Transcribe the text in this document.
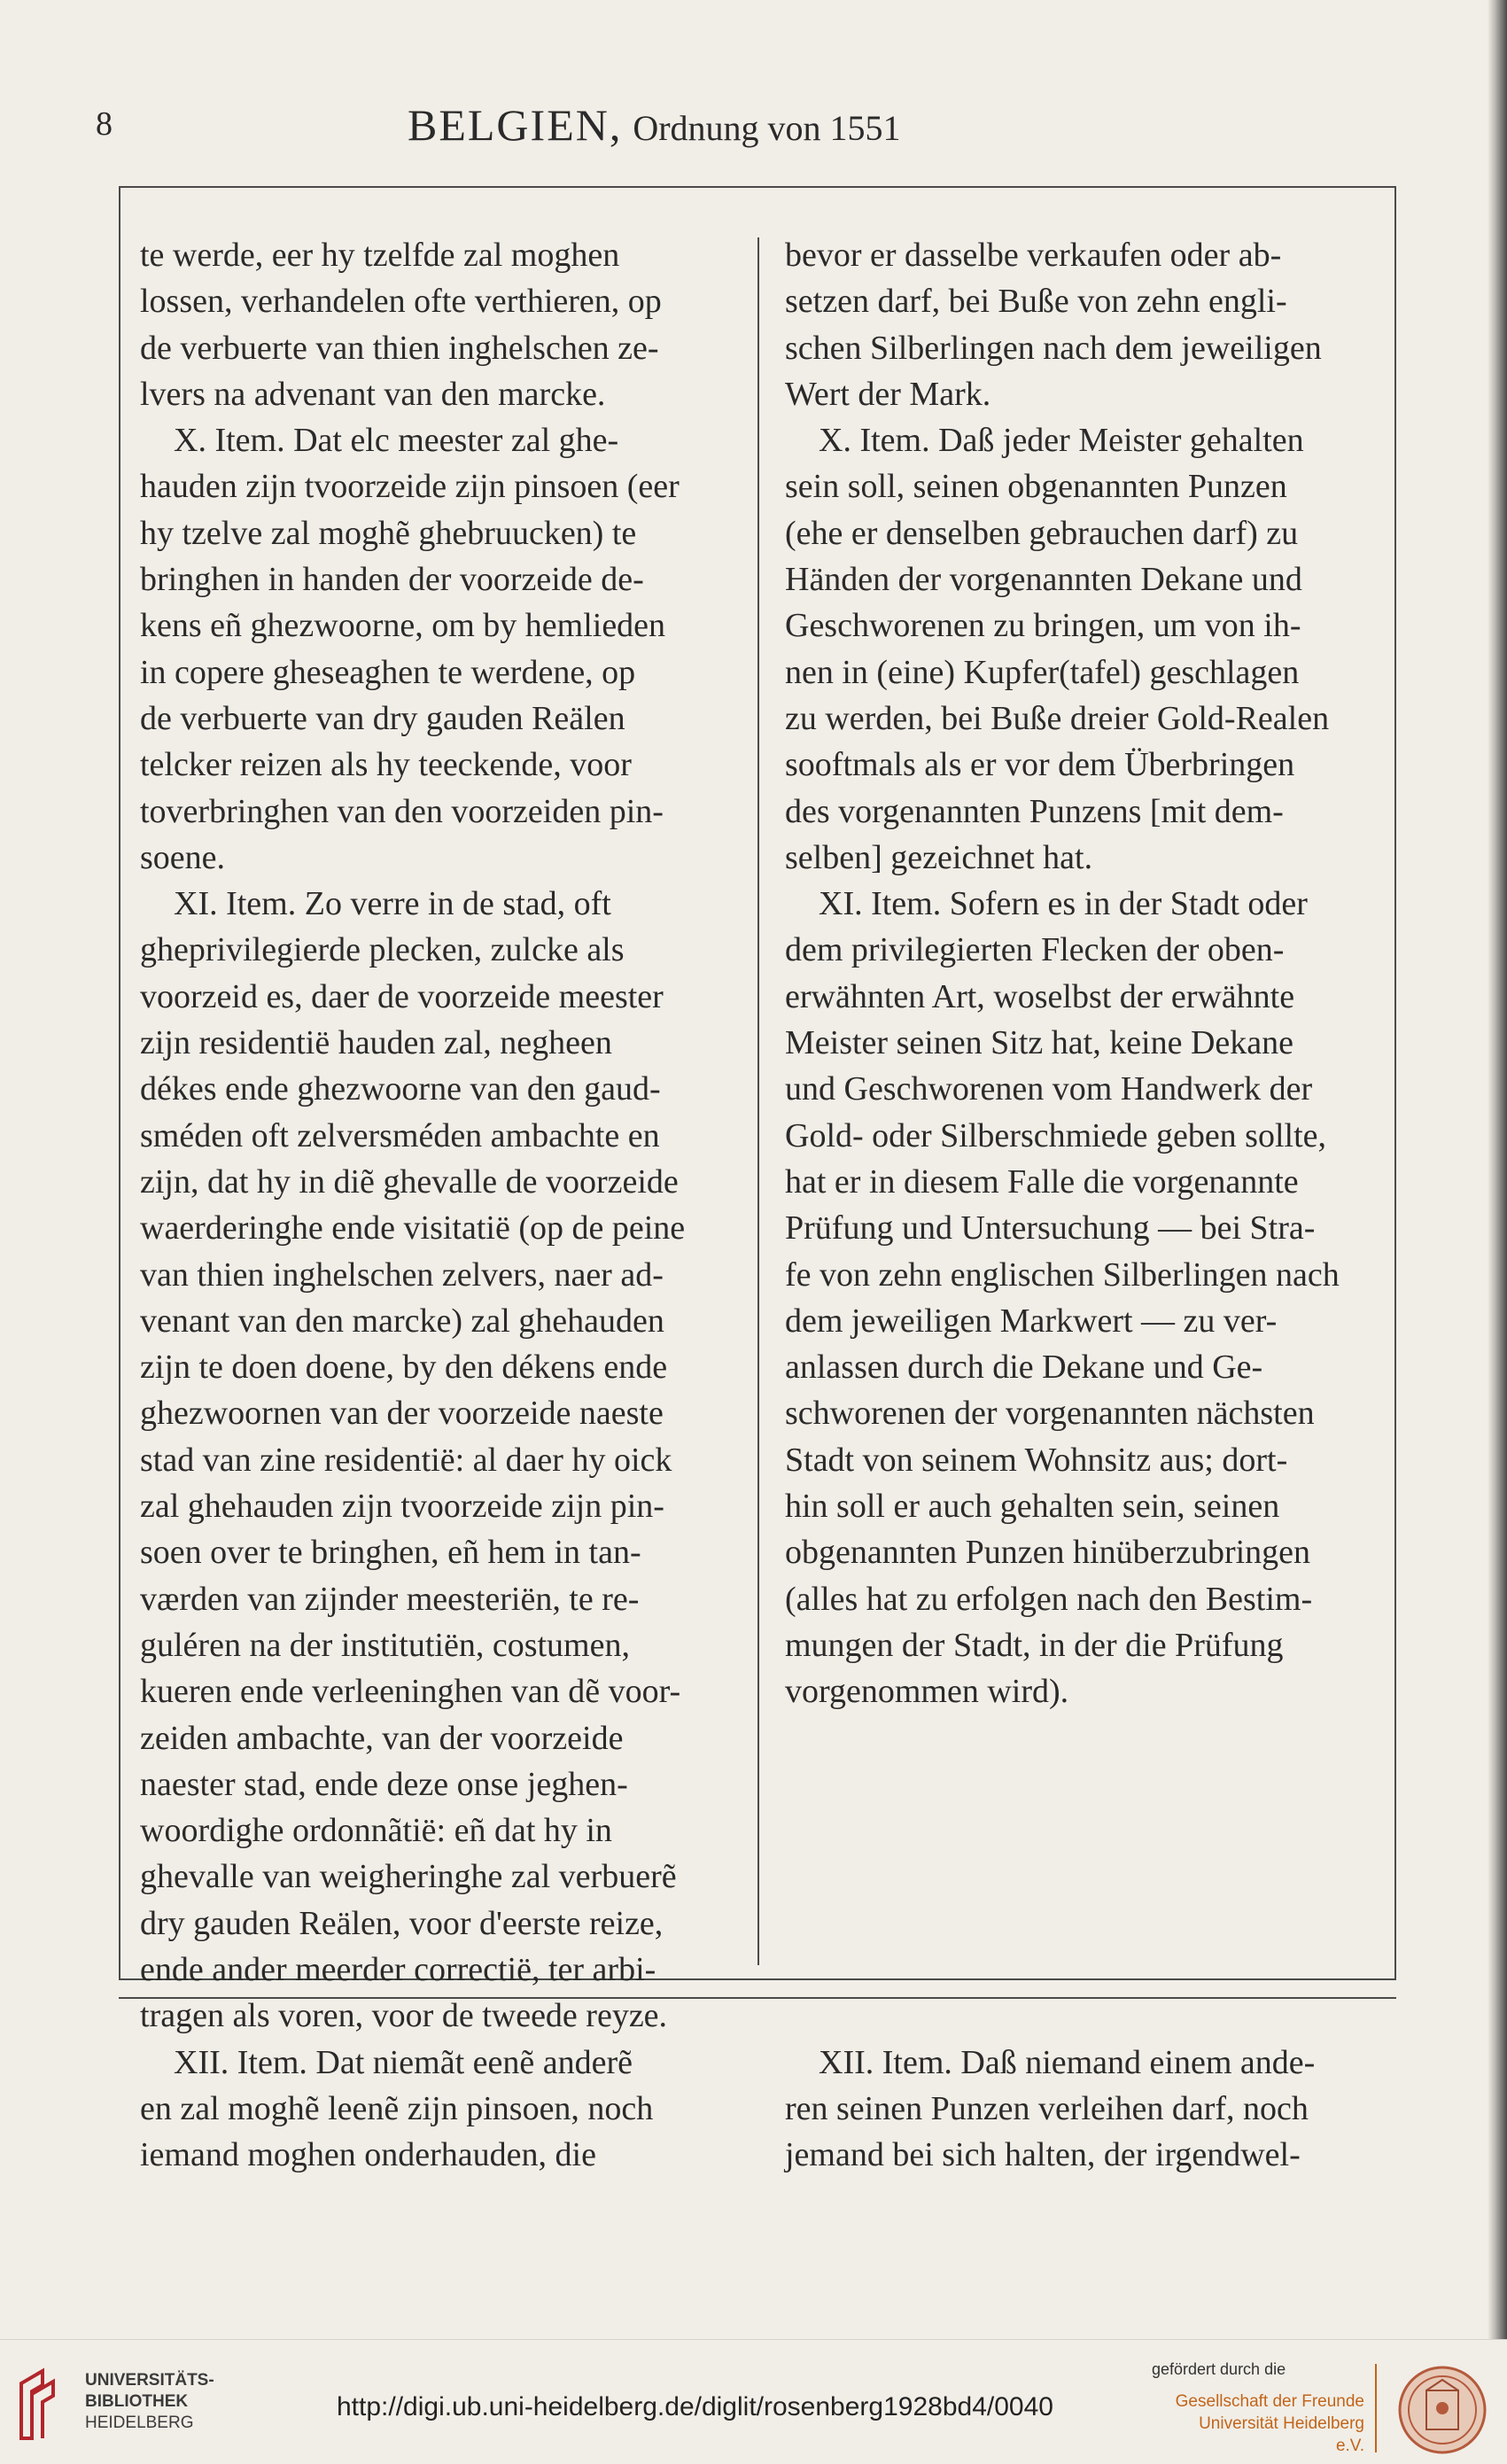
8	BELGIEN, Ordnung von 1551
te werde, eer hy tzelfde zal moghen
lossen, verhandelen ofte verthieren, op
de verbuerte van thien inghelschen ze-
lvers na advenant van den marcke.
X. Item. Dat elc meester zal ghe-
hauden zijn tvoorzeide zijn pinsoen (eer
hy tzelve zal moghẽ ghebruucken) te
bringhen in handen der voorzeide de-
kens eñ ghezwoorne, om by hemlieden
in copere gheseaghen te werdene, op
de verbuerte van dry gauden Reälen
telcker reizen als hy teeckende, voor
toverbringhen van den voorzeiden pin-
soene.
XI. Item. Zo verre in de stad, oft
gheprivilegierde plecken, zulcke als
voorzeid es, daer de voorzeide meester
zijn residentië hauden zal, negheen
dékes ende ghezwoorne van den gaud-
sméden oft zelversméden ambachte en
zijn, dat hy in diẽ ghevalle de voorzeide
waerderinghe ende visitatië (op de peine
van thien inghelschen zelvers, naer ad-
venant van den marcke) zal ghehauden
zijn te doen doene, by den dékens ende
ghezwoornen van der voorzeide naeste
stad van zine residentië: al daer hy oick
zal ghehauden zijn tvoorzeide zijn pin-
soen over te bringhen, eñ hem in tan-
værden van zijnder meesteriën, te re-
guléren na der institutiën, costumen,
kueren ende verleeninghen van dẽ voor-
zeiden ambachte, van der voorzeide
naester stad, ende deze onse jeghen-
woordighe ordonnãtië: eñ dat hy in
ghevalle van weigheringhe zal verbuerẽ
dry gauden Reälen, voor d'eerste reize,
ende ander meerder correctië, ter arbi-
tragen als voren, voor de tweede reyze.
XII. Item. Dat niemãt eenẽ anderẽ
en zal moghẽ leenẽ zijn pinsoen, noch
iemand moghen onderhauden, die
bevor er dasselbe verkaufen oder ab-
setzen darf, bei Buße von zehn engli-
schen Silberlingen nach dem jeweiligen
Wert der Mark.
X. Item. Daß jeder Meister gehalten
sein soll, seinen obgenannten Punzen
(ehe er denselben gebrauchen darf) zu
Händen der vorgenannten Dekane und
Geschworenen zu bringen, um von ih-
nen in (eine) Kupfer(tafel) geschlagen
zu werden, bei Buße dreier Gold-Realen
sooftmals als er vor dem Überbringen
des vorgenannten Punzens [mit dem-
selben] gezeichnet hat.
XI. Item. Sofern es in der Stadt oder
dem privilegierten Flecken der oben-
erwähnten Art, woselbst der erwähnte
Meister seinen Sitz hat, keine Dekane
und Geschworenen vom Handwerk der
Gold- oder Silberschmiede geben sollte,
hat er in diesem Falle die vorgenannte
Prüfung und Untersuchung — bei Stra-
fe von zehn englischen Silberlingen nach
dem jeweiligen Markwert — zu ver-
anlassen durch die Dekane und Ge-
schworenen der vorgenannten nächsten
Stadt von seinem Wohnsitz aus; dort-
hin soll er auch gehalten sein, seinen
obgenannten Punzen hinüberzubringen
(alles hat zu erfolgen nach den Bestim-
mungen der Stadt, in der die Prüfung
vorgenommen wird).

XII. Item. Daß niemand einem ande-
ren seinen Punzen verleihen darf, noch
jemand bei sich halten, der irgendwel-
UNIVERSITÄTS-
BIBLIOTHEK
HEIDELBERG
http://digi.ub.uni-heidelberg.de/diglit/rosenberg1928bd4/0040
gefördert durch die
Gesellschaft der Freunde
Universität Heidelberg e.V.
